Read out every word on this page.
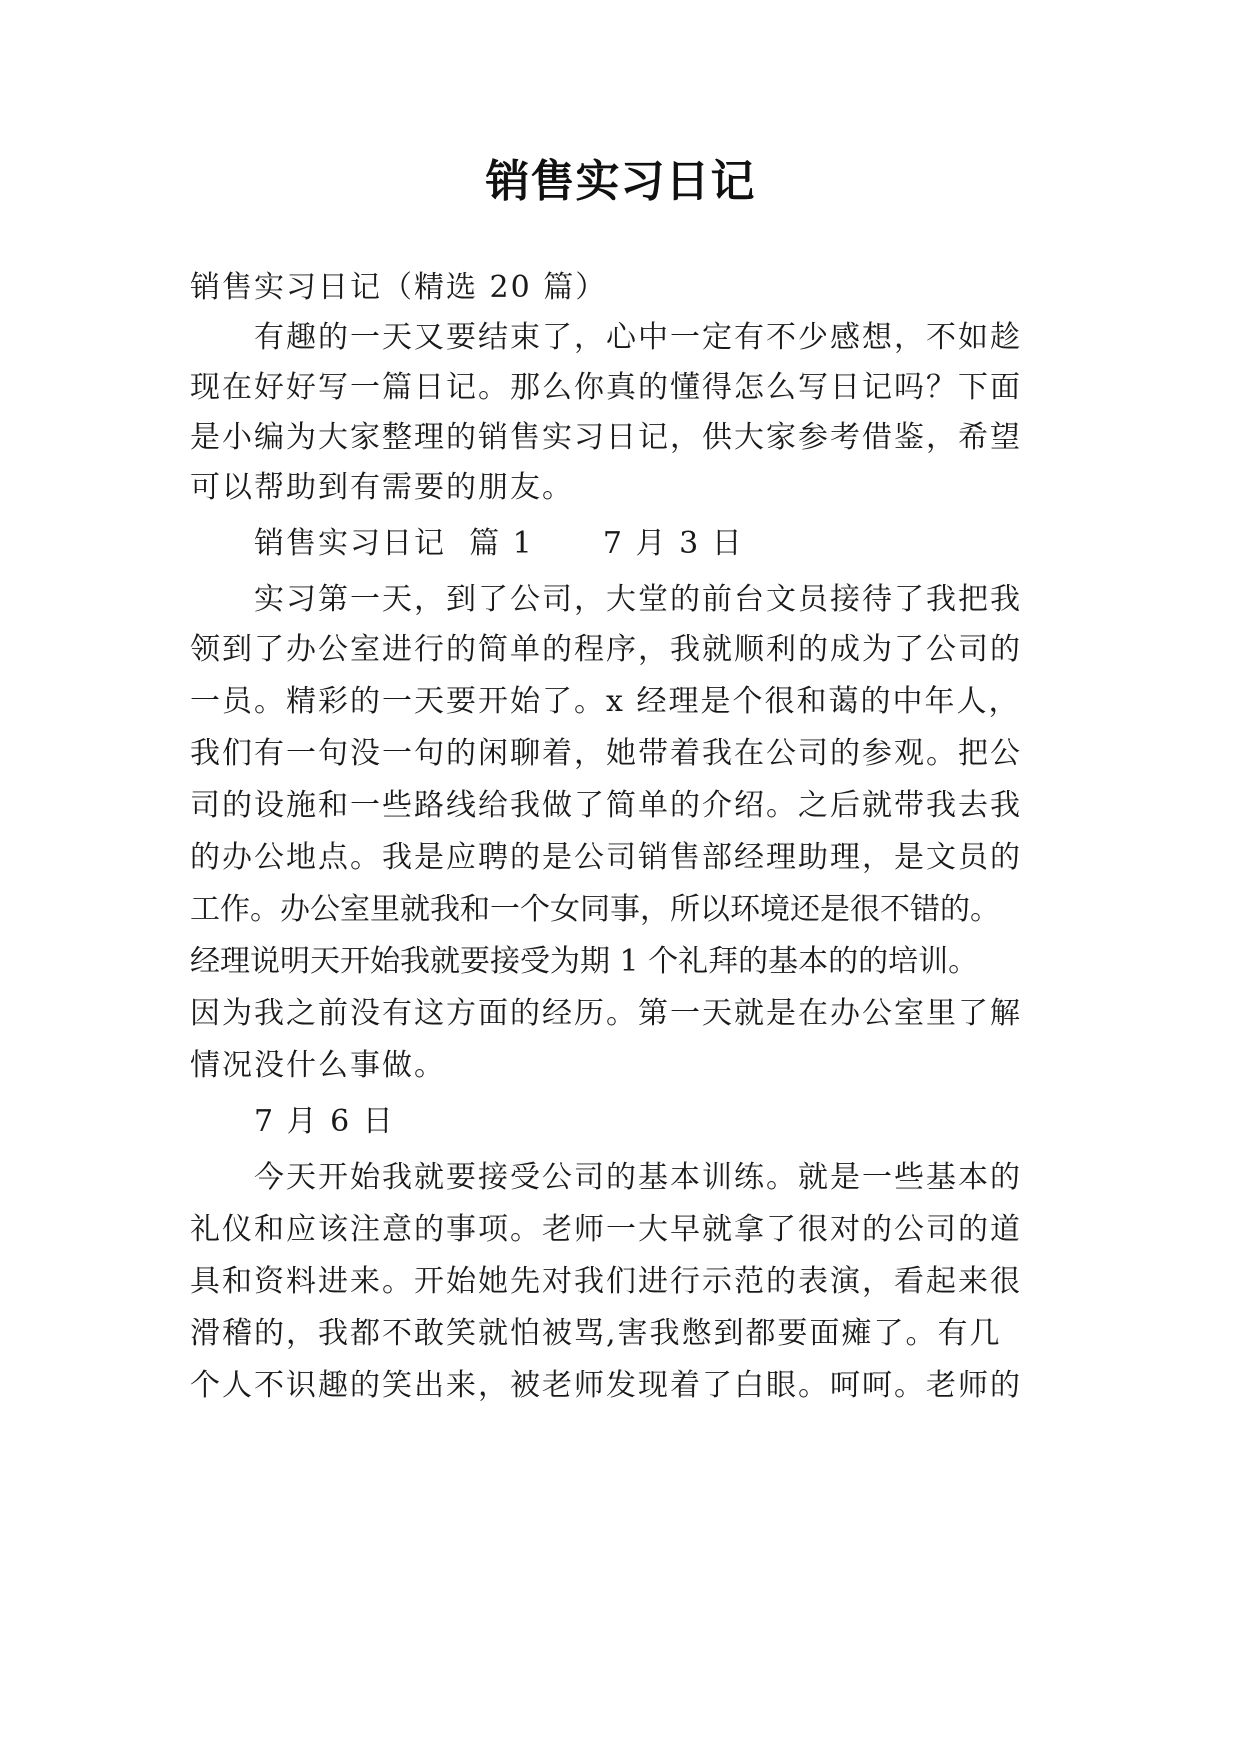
销售实习日记

销售实习日记（精选 20 篇）

有趣的一天又要结束了，心中一定有不少感想，不如趁

现在好好写一篇日记。那么你真的懂得怎么写日记吗？下面

是小编为大家整理的销售实习日记，供大家参考借鉴，希望

可以帮助到有需要的朋友。

销售实习日记  篇 1      7 月 3 日

实习第一天，到了公司，大堂的前台文员接待了我把我

领到了办公室进行的简单的程序，我就顺利的成为了公司的

一员。精彩的一天要开始了。x 经理是个很和蔼的中年人，

我们有一句没一句的闲聊着，她带着我在公司的参观。把公

司的设施和一些路线给我做了简单的介绍。之后就带我去我

的办公地点。我是应聘的是公司销售部经理助理，是文员的

工作。办公室里就我和一个女同事，所以环境还是很不错的。

经理说明天开始我就要接受为期 1 个礼拜的基本的的培训。

因为我之前没有这方面的经历。第一天就是在办公室里了解

情况没什么事做。

7 月 6 日

今天开始我就要接受公司的基本训练。就是一些基本的

礼仪和应该注意的事项。老师一大早就拿了很对的公司的道

具和资料进来。开始她先对我们进行示范的表演，看起来很

滑稽的，我都不敢笑就怕被骂,害我憋到都要面瘫了。有几

个人不识趣的笑出来，被老师发现着了白眼。呵呵。老师的
